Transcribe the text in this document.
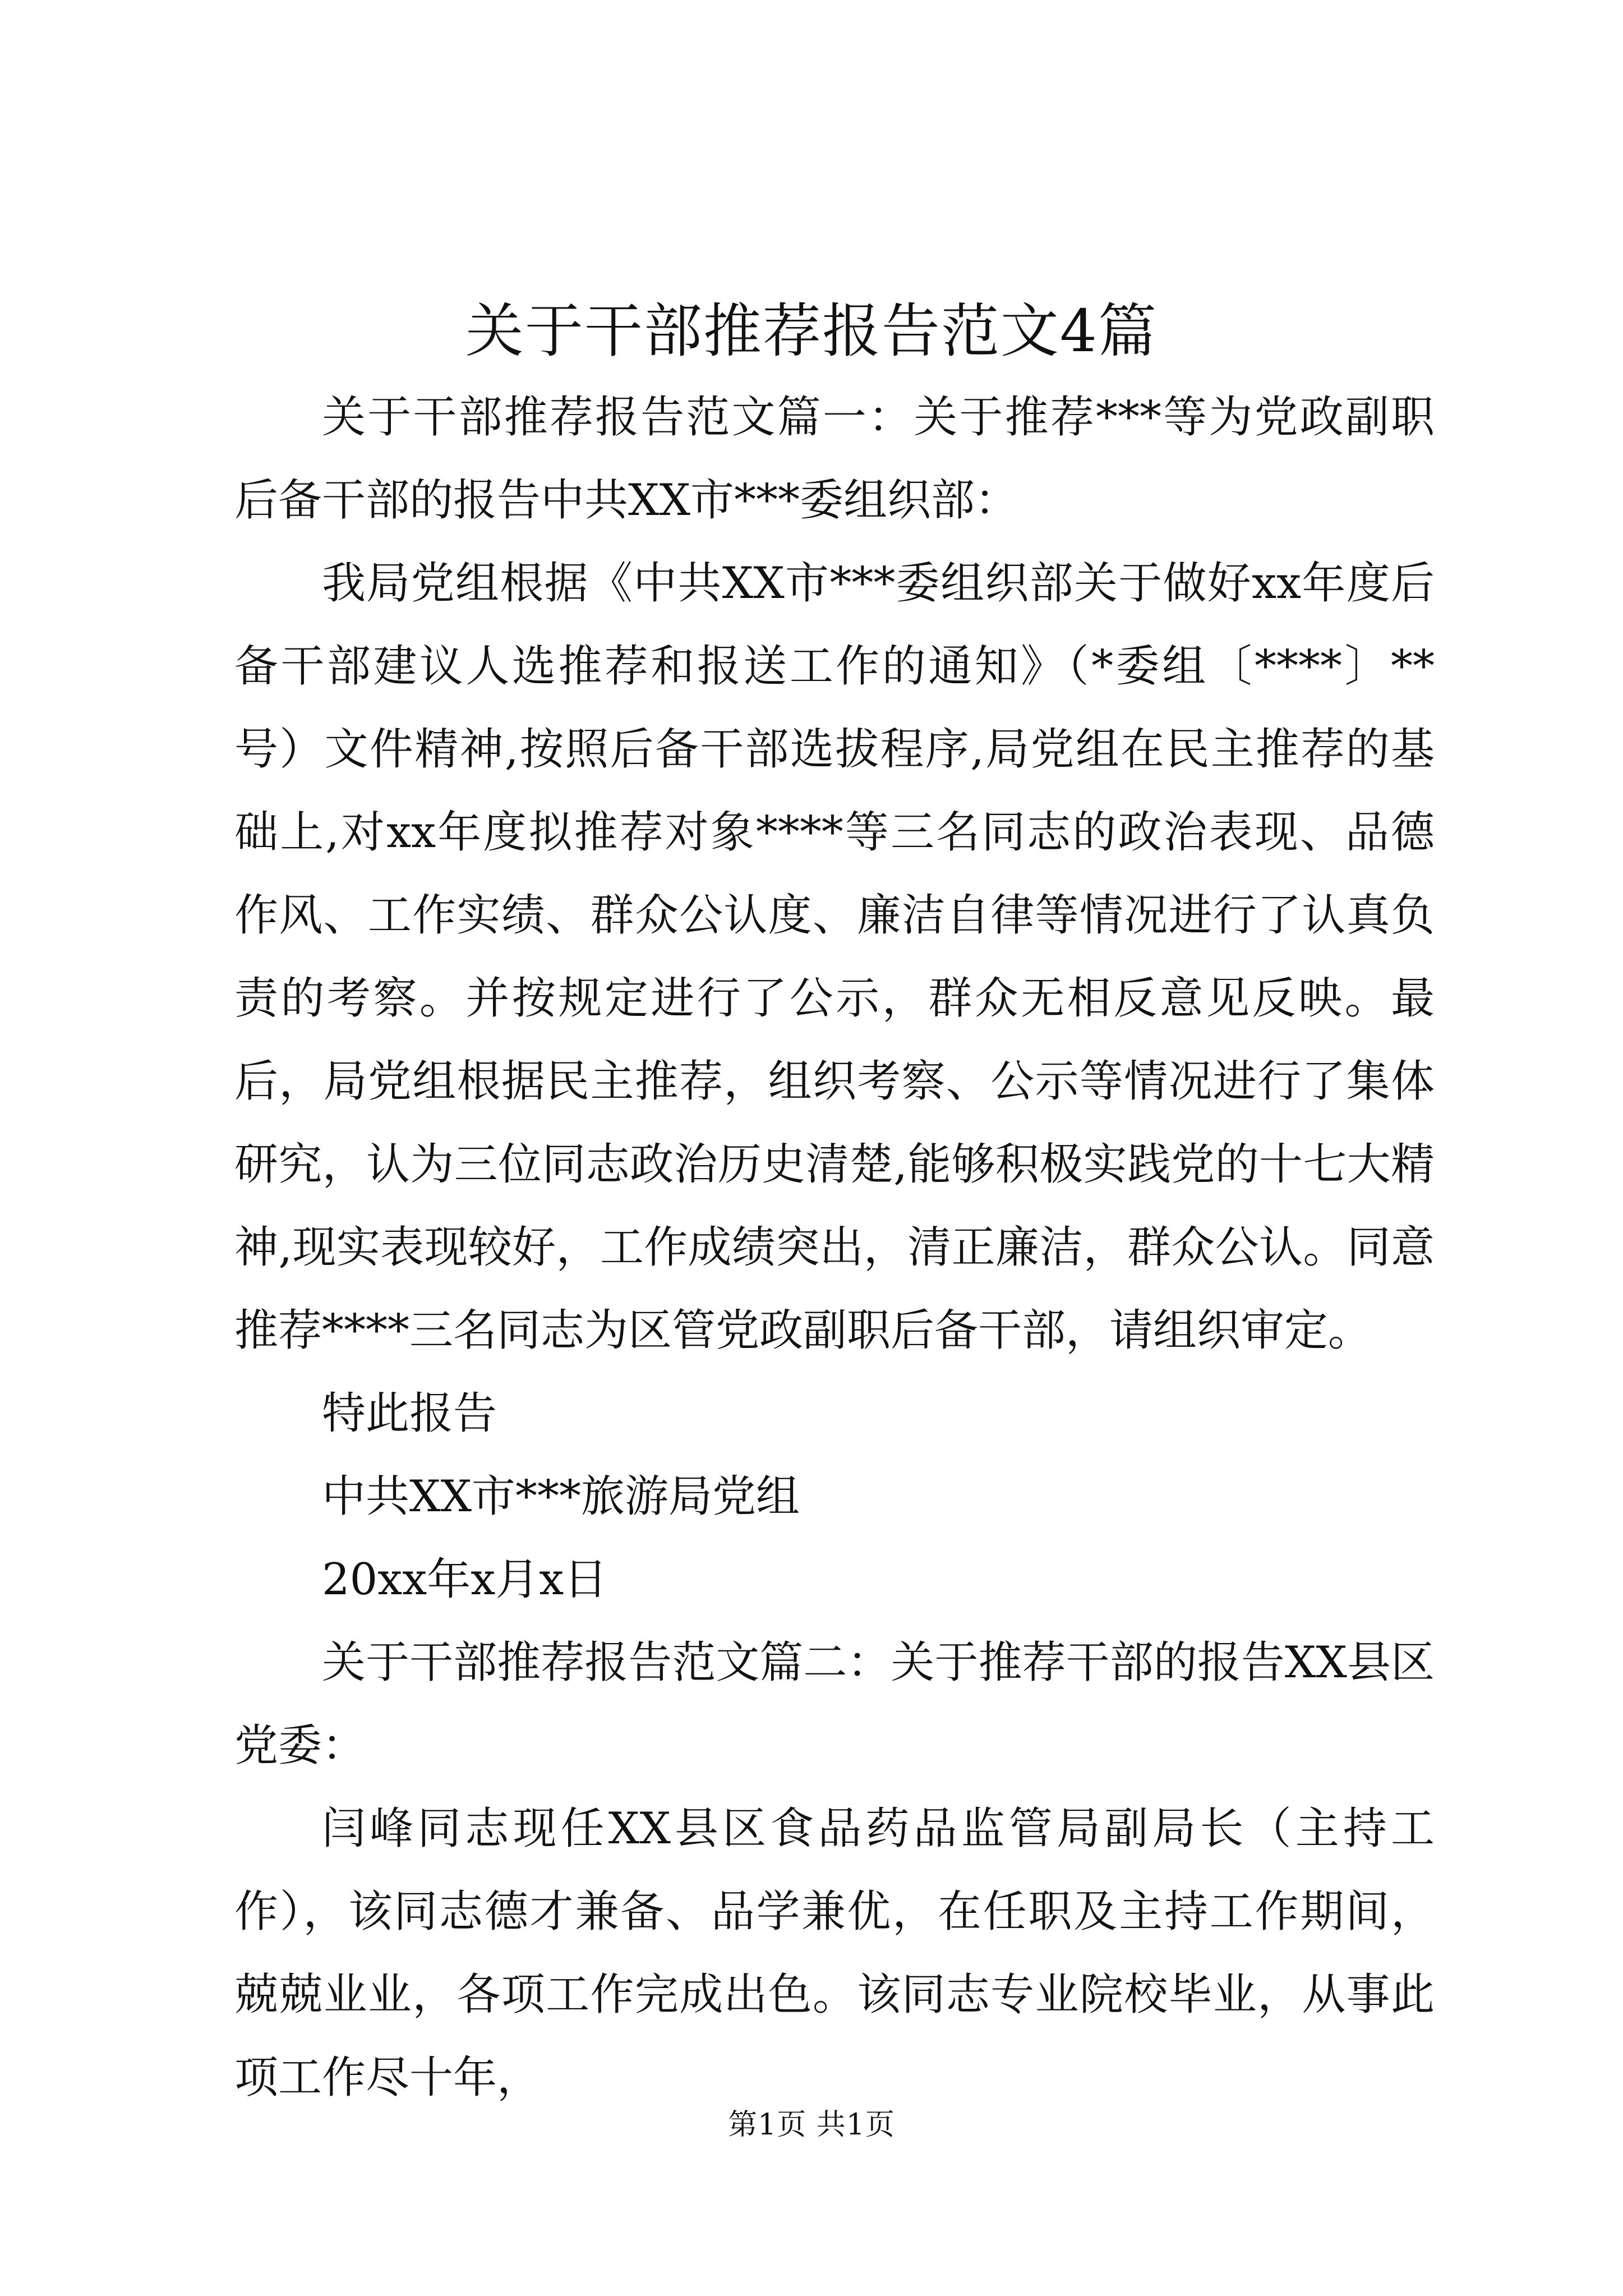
关于干部推荐报告范文4篇

关于干部推荐报告范文篇一：关于推荐***等为党政副职后备干部的报告中共XX市***委组织部：

我局党组根据《中共XX市***委组织部关于做好xx年度后备干部建议人选推荐和报送工作的通知》（*委组〔****〕**号）文件精神,按照后备干部选拔程序,局党组在民主推荐的基础上,对xx年度拟推荐对象****等三名同志的政治表现、品德作风、工作实绩、群众公认度、廉洁自律等情况进行了认真负责的考察。并按规定进行了公示，群众无相反意见反映。最后，局党组根据民主推荐，组织考察、公示等情况进行了集体研究，认为三位同志政治历史清楚,能够积极实践党的十七大精神,现实表现较好，工作成绩突出，清正廉洁，群众公认。同意推荐****三名同志为区管党政副职后备干部，请组织审定。

特此报告

中共XX市***旅游局党组

20xx年x月x日

关于干部推荐报告范文篇二：关于推荐干部的报告XX县区党委：

闫峰同志现任XX县区食品药品监管局副局长（主持工作），该同志德才兼备、品学兼优，在任职及主持工作期间，兢兢业业，各项工作完成出色。该同志专业院校毕业，从事此项工作尽十年，

第1页 共1页
